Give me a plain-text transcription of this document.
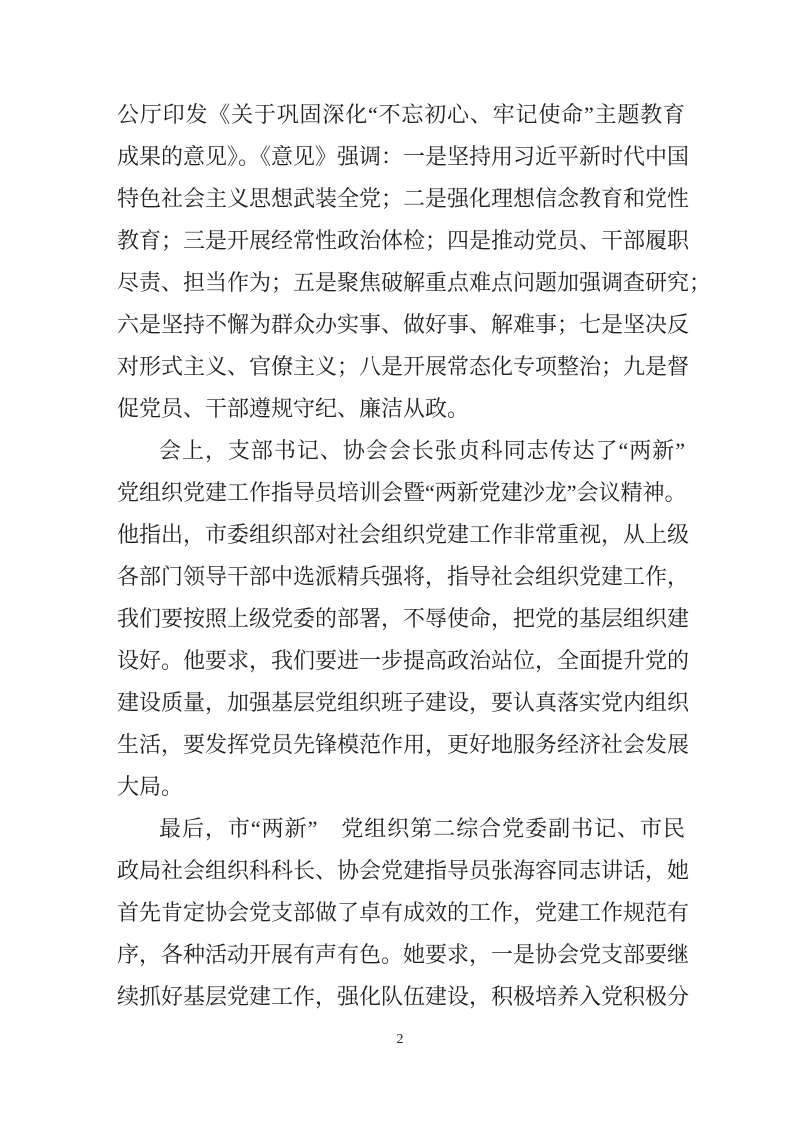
公厅印发《关于巩固深化“不忘初心、牢记使命”主题教育
成果的意见》。《意见》强调：一是坚持用习近平新时代中国
特色社会主义思想武装全党；二是强化理想信念教育和党性
教育；三是开展经常性政治体检；四是推动党员、干部履职
尽责、担当作为；五是聚焦破解重点难点问题加强调查研究；
六是坚持不懈为群众办实事、做好事、解难事；七是坚决反
对形式主义、官僚主义；八是开展常态化专项整治；九是督
促党员、干部遵规守纪、廉洁从政。
会上，支部书记、协会会长张贞科同志传达了“两新”
党组织党建工作指导员培训会暨“两新党建沙龙”会议精神。
他指出，市委组织部对社会组织党建工作非常重视，从上级
各部门领导干部中选派精兵强将，指导社会组织党建工作，
我们要按照上级党委的部署，不辱使命，把党的基层组织建
设好。他要求，我们要进一步提高政治站位，全面提升党的
建设质量，加强基层党组织班子建设，要认真落实党内组织
生活，要发挥党员先锋模范作用，更好地服务经济社会发展
大局。
最后，市“两新”　党组织第二综合党委副书记、市民
政局社会组织科科长、协会党建指导员张海容同志讲话，她
首先肯定协会党支部做了卓有成效的工作，党建工作规范有
序，各种活动开展有声有色。她要求，一是协会党支部要继
续抓好基层党建工作，强化队伍建设，积极培养入党积极分
2
